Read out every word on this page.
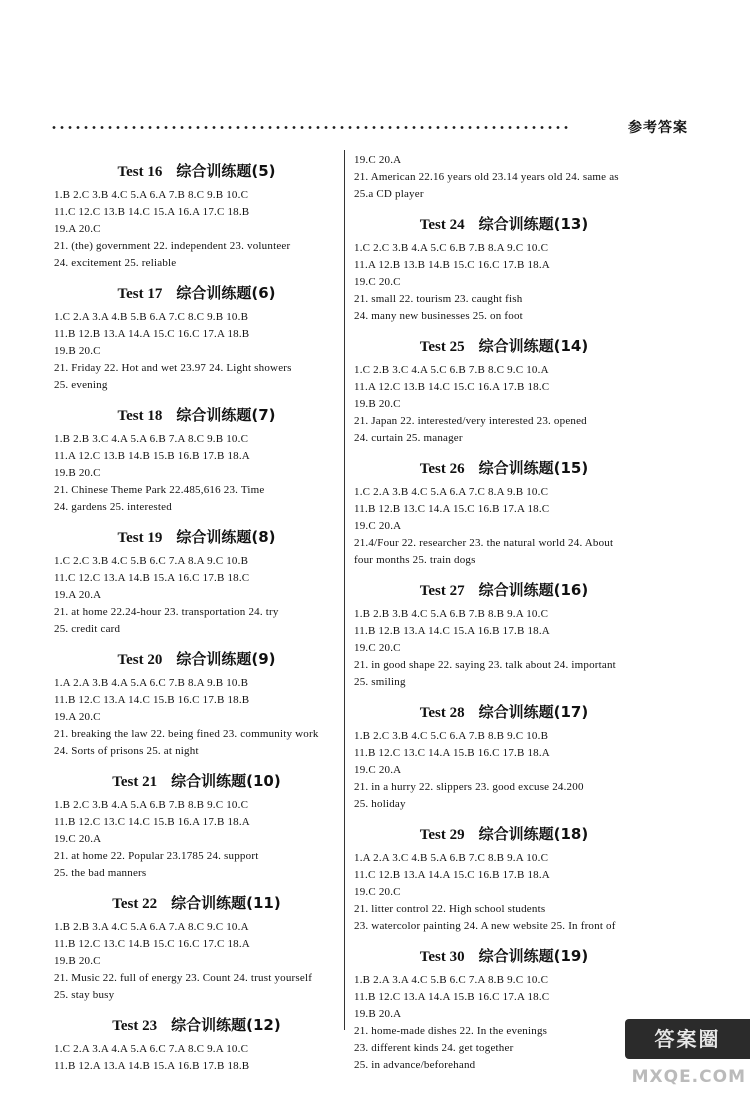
参考答案
Test 16 综合训练题(5)
1.B 2.C 3.B 4.C 5.A 6.A 7.B 8.C 9.B 10.C
11.C 12.C 13.B 14.C 15.A 16.A 17.C 18.B
19.A 20.C
21. (the) government 22. independent 23. volunteer
24. excitement 25. reliable
Test 17 综合训练题(6)
1.C 2.A 3.A 4.B 5.B 6.A 7.C 8.C 9.B 10.B
11.B 12.B 13.A 14.A 15.C 16.C 17.A 18.B
19.B 20.C
21. Friday 22. Hot and wet 23.97 24. Light showers
25. evening
Test 18 综合训练题(7)
1.B 2.B 3.C 4.A 5.A 6.B 7.A 8.C 9.B 10.C
11.A 12.C 13.B 14.B 15.B 16.B 17.B 18.A
19.B 20.C
21. Chinese Theme Park 22.485,616 23. Time
24. gardens 25. interested
Test 19 综合训练题(8)
1.C 2.C 3.B 4.C 5.B 6.C 7.A 8.A 9.C 10.B
11.C 12.C 13.A 14.B 15.A 16.C 17.B 18.C
19.A 20.A
21. at home 22.24-hour 23. transportation 24. try
25. credit card
Test 20 综合训练题(9)
1.A 2.A 3.B 4.A 5.A 6.C 7.B 8.A 9.B 10.B
11.B 12.C 13.A 14.C 15.B 16.C 17.B 18.B
19.A 20.C
21. breaking the law 22. being fined 23. community work
24. Sorts of prisons 25. at night
Test 21 综合训练题(10)
1.B 2.C 3.B 4.A 5.A 6.B 7.B 8.B 9.C 10.C
11.B 12.C 13.C 14.C 15.B 16.A 17.B 18.A
19.C 20.A
21. at home 22. Popular 23.1785 24. support
25. the bad manners
Test 22 综合训练题(11)
1.B 2.B 3.A 4.C 5.A 6.A 7.A 8.C 9.C 10.A
11.B 12.C 13.C 14.B 15.C 16.C 17.C 18.A
19.B 20.C
21. Music 22. full of energy 23. Count 24. trust yourself
25. stay busy
Test 23 综合训练题(12)
1.C 2.A 3.A 4.A 5.A 6.C 7.A 8.C 9.A 10.C
11.B 12.A 13.A 14.B 15.A 16.B 17.B 18.B
19.C 20.A
21. American 22.16 years old 23.14 years old 24. same as
25.a CD player
Test 24 综合训练题(13)
1.C 2.C 3.B 4.A 5.C 6.B 7.B 8.A 9.C 10.C
11.A 12.B 13.B 14.B 15.C 16.C 17.B 18.A
19.C 20.C
21. small 22. tourism 23. caught fish
24. many new businesses 25. on foot
Test 25 综合训练题(14)
1.C 2.B 3.C 4.A 5.C 6.B 7.B 8.C 9.C 10.A
11.A 12.C 13.B 14.C 15.C 16.A 17.B 18.C
19.B 20.C
21. Japan 22. interested/very interested 23. opened
24. curtain 25. manager
Test 26 综合训练题(15)
1.C 2.A 3.B 4.C 5.A 6.A 7.C 8.A 9.B 10.C
11.B 12.B 13.C 14.A 15.C 16.B 17.A 18.C
19.C 20.A
21.4/Four 22. researcher 23. the natural world 24. About
four months 25. train dogs
Test 27 综合训练题(16)
1.B 2.B 3.B 4.C 5.A 6.B 7.B 8.B 9.A 10.C
11.B 12.B 13.A 14.C 15.A 16.B 17.B 18.A
19.C 20.C
21. in good shape 22. saying 23. talk about 24. important
25. smiling
Test 28 综合训练题(17)
1.B 2.C 3.B 4.C 5.C 6.A 7.B 8.B 9.C 10.B
11.B 12.C 13.C 14.A 15.B 16.C 17.B 18.A
19.C 20.A
21. in a hurry 22. slippers 23. good excuse 24.200
25. holiday
Test 29 综合训练题(18)
1.A 2.A 3.C 4.B 5.A 6.B 7.C 8.B 9.A 10.C
11.C 12.B 13.A 14.A 15.C 16.B 17.B 18.A
19.C 20.C
21. litter control 22. High school students
23. watercolor painting 24. A new website 25. In front of
Test 30 综合训练题(19)
1.B 2.A 3.A 4.C 5.B 6.C 7.A 8.B 9.C 10.C
11.B 12.C 13.A 14.A 15.B 16.C 17.A 18.C
19.B 20.A
21. home-made dishes 22. In the evenings
23. different kinds 24. get together
25. in advance/beforehand
答案圈
MXQE.COM
